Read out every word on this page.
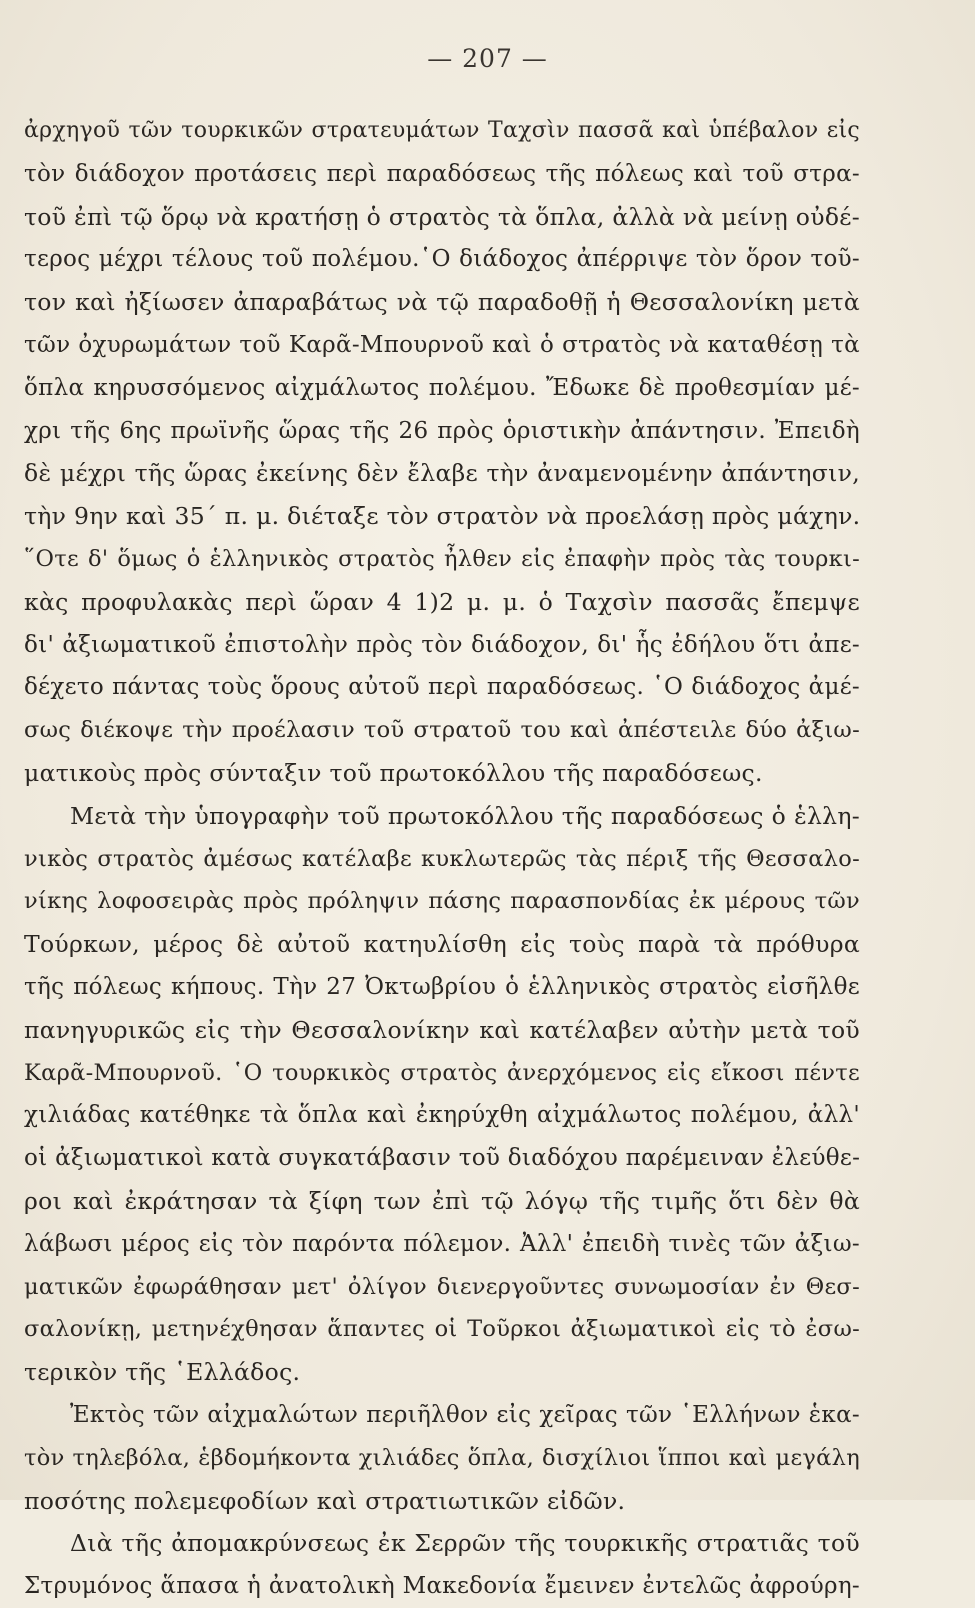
— 207 —
ἀρχηγοῦ τῶν τουρκικῶν στρατευμάτων Ταχσὶν πασσᾶ καὶ ὑπέβαλον εἰς
τὸν διάδοχον προτάσεις περὶ παραδόσεως τῆς πόλεως καὶ τοῦ στρα-
τοῦ ἐπὶ τῷ ὅρῳ νὰ κρατήσῃ ὁ στρατὸς τὰ ὅπλα, ἀλλὰ νὰ μείνῃ οὐδέ-
τερος μέχρι τέλους τοῦ πολέμου.῾Ο διάδοχος ἀπέρριψε τὸν ὅρον τοῦ-
τον καὶ ἠξίωσεν ἀπαραβάτως νὰ τῷ παραδοθῇ ἡ Θεσσαλονίκη μετὰ
τῶν ὀχυρωμάτων τοῦ Καρᾶ-Μπουρνοῦ καὶ ὁ στρατὸς νὰ καταθέσῃ τὰ
ὅπλα κηρυσσόμενος αἰχμάλωτος πολέμου. Ἔδωκε δὲ προθεσμίαν μέ-
χρι τῆς 6ης πρωϊνῆς ὥρας τῆς 26 πρὸς ὁριστικὴν ἀπάντησιν. Ἐπειδὴ
δὲ μέχρι τῆς ὥρας ἐκείνης δὲν ἔλαβε τὴν ἀναμενομένην ἀπάντησιν,
τὴν 9ην καὶ 35΄ π. μ. διέταξε τὸν στρατὸν νὰ προελάσῃ πρὸς μάχην.
῞Οτε δ' ὅμως ὁ ἑλληνικὸς στρατὸς ἦλθεν εἰς ἐπαφὴν πρὸς τὰς τουρκι-
κὰς προφυλακὰς περὶ ὥραν 4 1)2 μ. μ. ὁ Ταχσὶν πασσᾶς ἔπεμψε
δι' ἀξιωματικοῦ ἐπιστολὴν πρὸς τὸν διάδοχον, δι' ἧς ἐδήλου ὅτι ἀπε-
δέχετο πάντας τοὺς ὅρους αὐτοῦ περὶ παραδόσεως. ῾Ο διάδοχος ἀμέ-
σως διέκοψε τὴν προέλασιν τοῦ στρατοῦ του καὶ ἀπέστειλε δύο ἀξιω-
ματικοὺς πρὸς σύνταξιν τοῦ πρωτοκόλλου τῆς παραδόσεως.
Μετὰ τὴν ὑπογραφὴν τοῦ πρωτοκόλλου τῆς παραδόσεως ὁ ἑλλη-
νικὸς στρατὸς ἀμέσως κατέλαβε κυκλωτερῶς τὰς πέριξ τῆς Θεσσαλο-
νίκης λοφοσειρὰς πρὸς πρόληψιν πάσης παρασπονδίας ἐκ μέρους τῶν
Τούρκων, μέρος δὲ αὐτοῦ κατηυλίσθη εἰς τοὺς παρὰ τὰ πρόθυρα
τῆς πόλεως κήπους. Τὴν 27 Ὀκτωβρίου ὁ ἑλληνικὸς στρατὸς εἰσῆλθε
πανηγυρικῶς εἰς τὴν Θεσσαλονίκην καὶ κατέλαβεν αὐτὴν μετὰ τοῦ
Καρᾶ-Μπουρνοῦ. ῾Ο τουρκικὸς στρατὸς ἀνερχόμενος εἰς εἴκοσι πέντε
χιλιάδας κατέθηκε τὰ ὅπλα καὶ ἐκηρύχθη αἰχμάλωτος πολέμου, ἀλλ'
οἱ ἀξιωματικοὶ κατὰ συγκατάβασιν τοῦ διαδόχου παρέμειναν ἐλεύθε-
ροι καὶ ἐκράτησαν τὰ ξίφη των ἐπὶ τῷ λόγῳ τῆς τιμῆς ὅτι δὲν θὰ
λάβωσι μέρος εἰς τὸν παρόντα πόλεμον. Ἀλλ' ἐπειδὴ τινὲς τῶν ἀξιω-
ματικῶν ἐφωράθησαν μετ' ὀλίγον διενεργοῦντες συνωμοσίαν ἐν Θεσ-
σαλονίκῃ, μετηνέχθησαν ἅπαντες οἱ Τοῦρκοι ἀξιωματικοὶ εἰς τὸ ἐσω-
τερικὸν τῆς ῾Ελλάδος.
Ἐκτὸς τῶν αἰχμαλώτων περιῆλθον εἰς χεῖρας τῶν ῾Ελλήνων ἑκα-
τὸν τηλεβόλα, ἑβδομήκοντα χιλιάδες ὅπλα, δισχίλιοι ἵπποι καὶ μεγάλη
ποσότης πολεμεφοδίων καὶ στρατιωτικῶν εἰδῶν.
Διὰ τῆς ἀπομακρύνσεως ἐκ Σερρῶν τῆς τουρκικῆς στρατιᾶς τοῦ
Στρυμόνος ἅπασα ἡ ἀνατολικὴ Μακεδονία ἔμεινεν ἐντελῶς ἀφρούρη-
